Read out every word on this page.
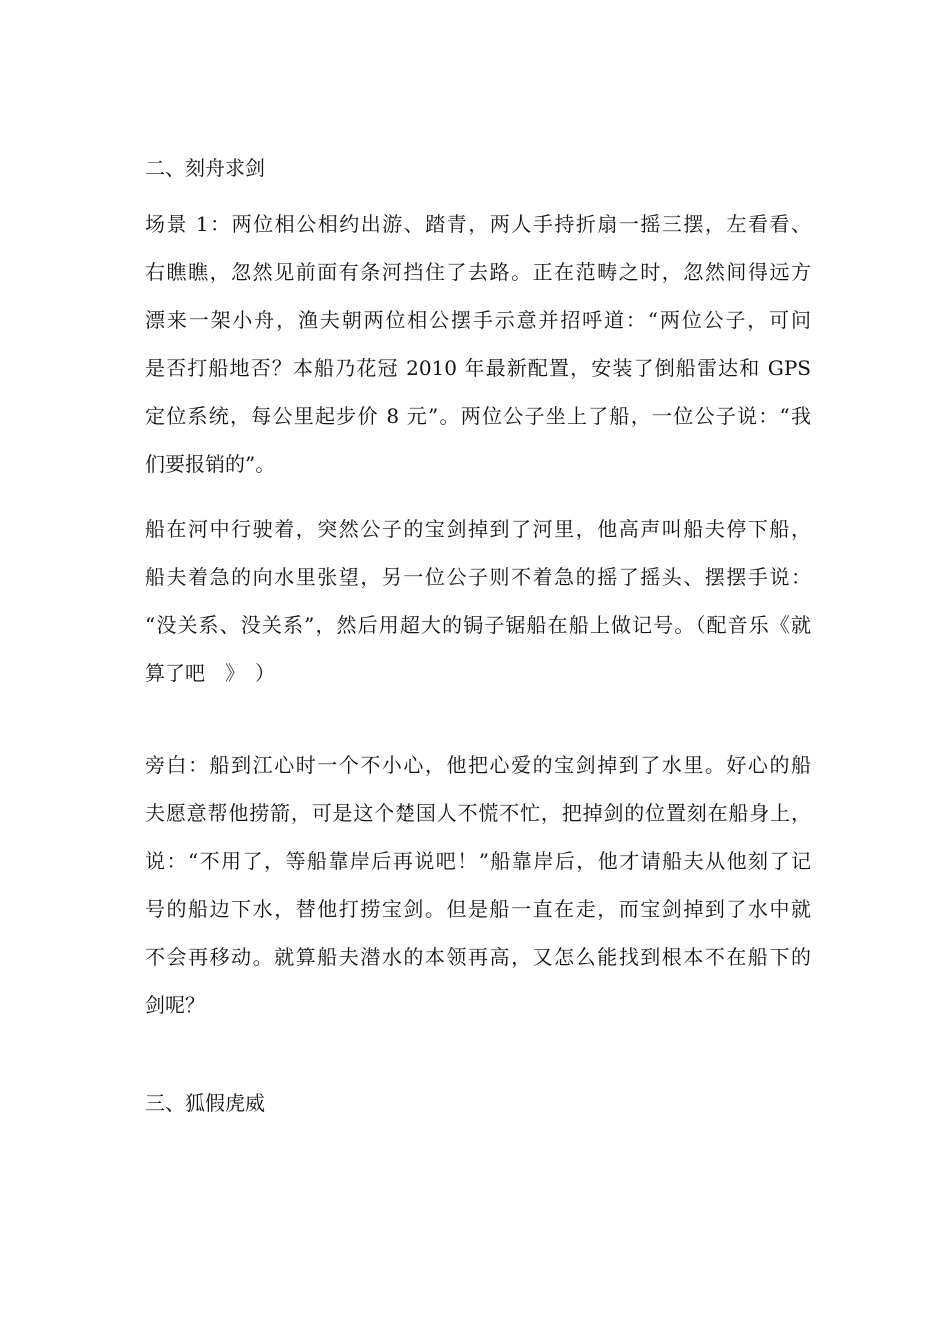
二、刻舟求剑
场景 1：两位相公相约出游、踏青，两人手持折扇一摇三摆，左看看、
右瞧瞧，忽然见前面有条河挡住了去路。正在范畴之时，忽然间得远方
漂来一架小舟，渔夫朝两位相公摆手示意并招呼道：“两位公子，可问
是否打船地否？本船乃花冠 2010 年最新配置，安装了倒船雷达和 GPS
定位系统，每公里起步价 8 元”。两位公子坐上了船，一位公子说：“我
们要报销的”。
船在河中行驶着，突然公子的宝剑掉到了河里，他高声叫船夫停下船，
船夫着急的向水里张望，另一位公子则不着急的摇了摇头、摆摆手说：
“没关系、没关系”，然后用超大的锔子锯船在船上做记号。（配音乐《就
算了吧　》　）
旁白：船到江心时一个不小心，他把心爱的宝剑掉到了水里。好心的船
夫愿意帮他捞箭，可是这个楚国人不慌不忙，把掉剑的位置刻在船身上，
说：“不用了，等船靠岸后再说吧！”船靠岸后，他才请船夫从他刻了记
号的船边下水，替他打捞宝剑。但是船一直在走，而宝剑掉到了水中就
不会再移动。就算船夫潜水的本领再高，又怎么能找到根本不在船下的
剑呢？
三、狐假虎威
